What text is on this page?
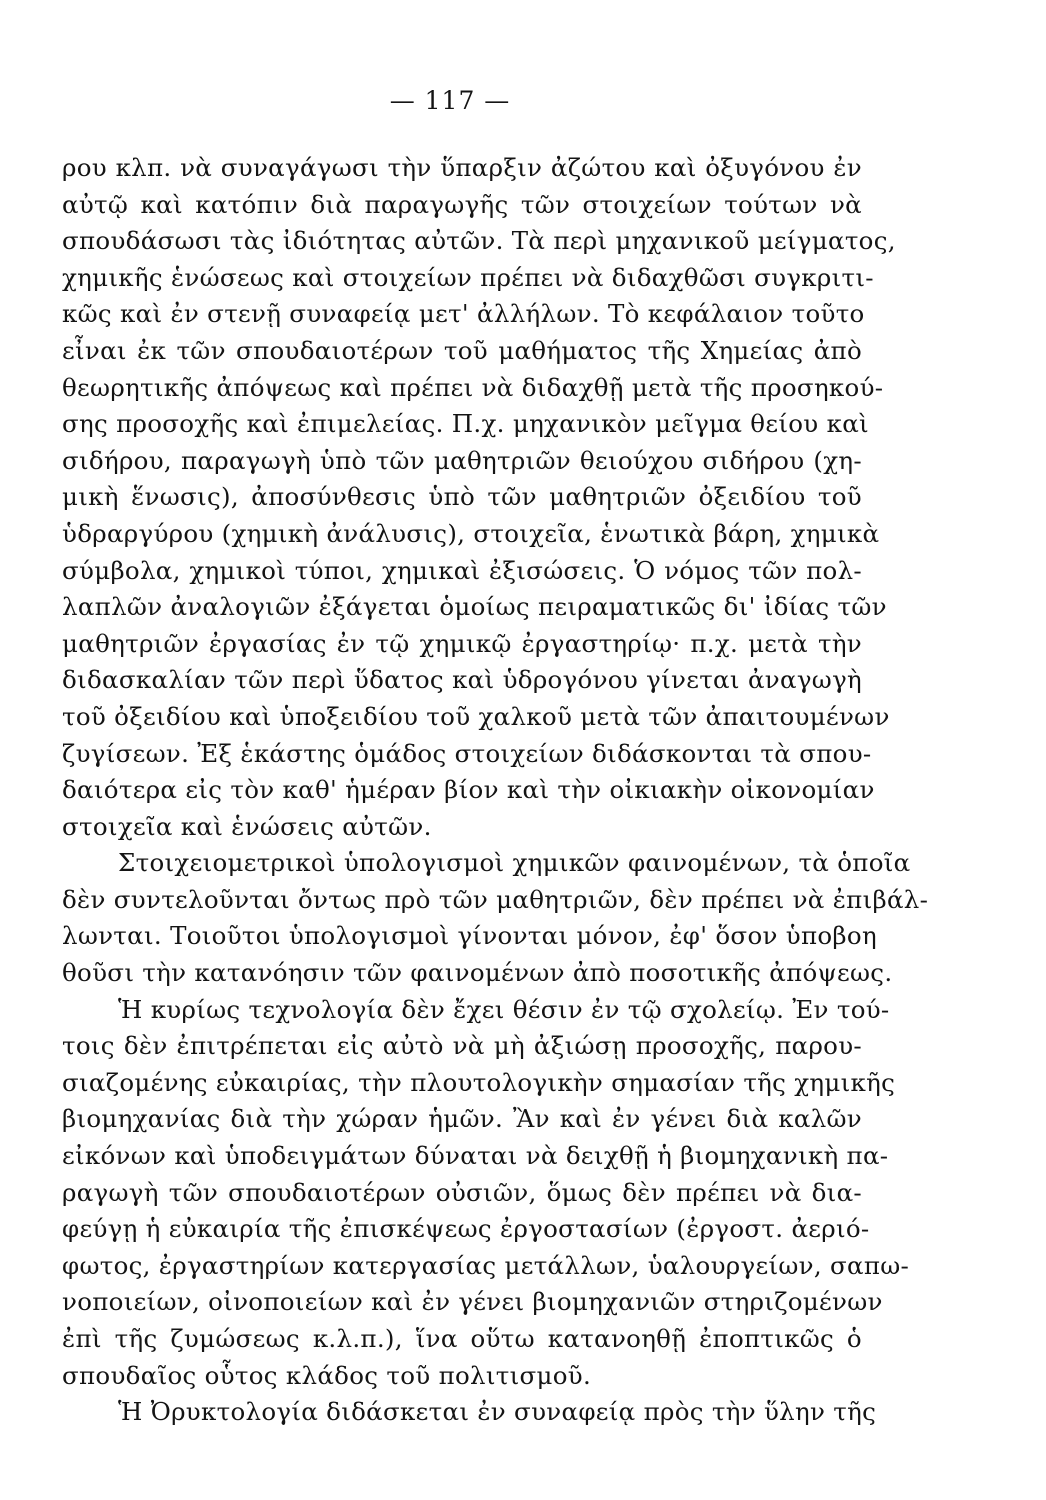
— 117 —
ρου κλπ. νὰ συναγάγωσι τὴν ὕπαρξιν ἀζώτου καὶ ὀξυγόνου ἐν
αὐτῷ καὶ κατόπιν διὰ παραγωγῆς τῶν στοιχείων τούτων νὰ
σπουδάσωσι τὰς ἰδιότητας αὐτῶν. Τὰ περὶ μηχανικοῦ μείγματος,
χημικῆς ἑνώσεως καὶ στοιχείων πρέπει νὰ διδαχθῶσι συγκριτι-
κῶς καὶ ἐν στενῇ συναφείᾳ μετ' ἀλλήλων. Τὸ κεφάλαιον τοῦτο
εἶναι ἐκ τῶν σπουδαιοτέρων τοῦ μαθήματος τῆς Χημείας ἀπὸ
θεωρητικῆς ἀπόψεως καὶ πρέπει νὰ διδαχθῇ μετὰ τῆς προσηκού-
σης προσοχῆς καὶ ἐπιμελείας. Π.χ. μηχανικὸν μεῖγμα θείου καὶ
σιδήρου, παραγωγὴ ὑπὸ τῶν μαθητριῶν θειούχου σιδήρου (χη-
μικὴ ἕνωσις), ἀποσύνθεσις ὑπὸ τῶν μαθητριῶν ὀξειδίου τοῦ
ὑδραργύρου (χημικὴ ἀνάλυσις), στοιχεῖα, ἑνωτικὰ βάρη, χημικὰ
σύμβολα, χημικοὶ τύποι, χημικαὶ ἐξισώσεις. Ὁ νόμος τῶν πολ-
λαπλῶν ἀναλογιῶν ἐξάγεται ὁμοίως πειραματικῶς δι' ἰδίας τῶν
μαθητριῶν ἐργασίας ἐν τῷ χημικῷ ἐργαστηρίῳ· π.χ. μετὰ τὴν
διδασκαλίαν τῶν περὶ ὕδατος καὶ ὑδρογόνου γίνεται ἀναγωγὴ
τοῦ ὀξειδίου καὶ ὑποξειδίου τοῦ χαλκοῦ μετὰ τῶν ἀπαιτουμένων
ζυγίσεων. Ἐξ ἑκάστης ὁμάδος στοιχείων διδάσκονται τὰ σπου-
δαιότερα εἰς τὸν καθ' ἡμέραν βίον καὶ τὴν οἰκιακὴν οἰκονομίαν
στοιχεῖα καὶ ἑνώσεις αὐτῶν.
Στοιχειομετρικοὶ ὑπολογισμοὶ χημικῶν φαινομένων, τὰ ὁποῖα
δὲν συντελοῦνται ὄντως πρὸ τῶν μαθητριῶν, δὲν πρέπει νὰ ἐπιβάλ-
λωνται. Τοιοῦτοι ὑπολογισμοὶ γίνονται μόνον, ἐφ' ὅσον ὑποβοη
θοῦσι τὴν κατανόησιν τῶν φαινομένων ἀπὸ ποσοτικῆς ἀπόψεως.
Ἡ κυρίως τεχνολογία δὲν ἔχει θέσιν ἐν τῷ σχολείῳ. Ἐν τού-
τοις δὲν ἐπιτρέπεται εἰς αὐτὸ νὰ μὴ ἀξιώσῃ προσοχῆς, παρου-
σιαζομένης εὐκαιρίας, τὴν πλουτολογικὴν σημασίαν τῆς χημικῆς
βιομηχανίας διὰ τὴν χώραν ἡμῶν. Ἂν καὶ ἐν γένει διὰ καλῶν
εἰκόνων καὶ ὑποδειγμάτων δύναται νὰ δειχθῇ ἡ βιομηχανικὴ πα-
ραγωγὴ τῶν σπουδαιοτέρων οὐσιῶν, ὅμως δὲν πρέπει νὰ δια-
φεύγῃ ἡ εὐκαιρία τῆς ἐπισκέψεως ἐργοστασίων (ἐργοστ. ἀεριό-
φωτος, ἐργαστηρίων κατεργασίας μετάλλων, ὑαλουργείων, σαπω-
νοποιείων, οἰνοποιείων καὶ ἐν γένει βιομηχανιῶν στηριζομένων
ἐπὶ τῆς ζυμώσεως κ.λ.π.), ἵνα οὕτω κατανοηθῇ ἐποπτικῶς ὁ
σπουδαῖος οὗτος κλάδος τοῦ πολιτισμοῦ.
Ἡ Ὀρυκτολογία διδάσκεται ἐν συναφείᾳ πρὸς τὴν ὕλην τῆς
